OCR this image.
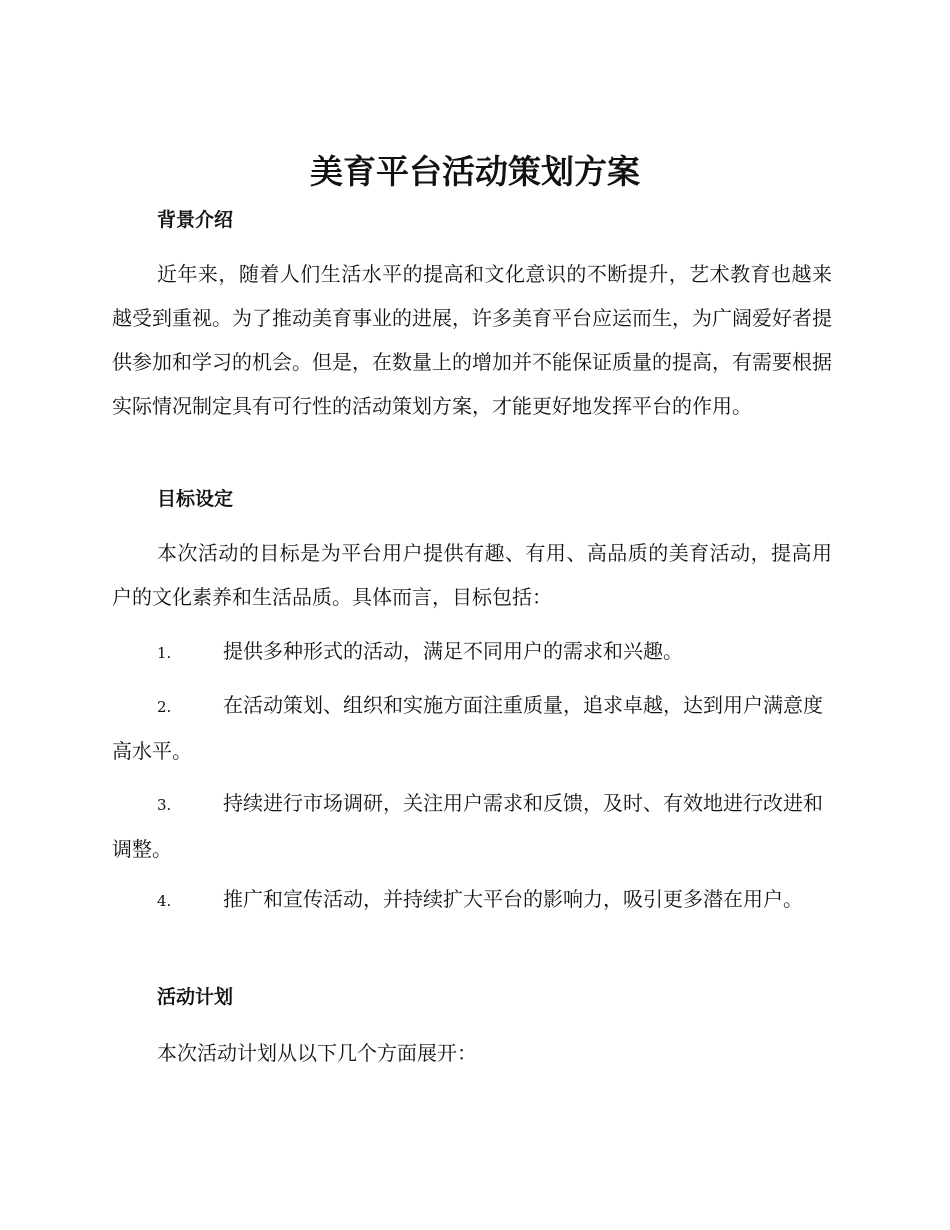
美育平台活动策划方案
背景介绍

近年来，随着人们生活水平的提高和文化意识的不断提升，艺术教育也越来越受到重视。为了推动美育事业的进展，许多美育平台应运而生，为广阔爱好者提供参加和学习的机会。但是，在数量上的增加并不能保证质量的提高，有需要根据实际情况制定具有可行性的活动策划方案，才能更好地发挥平台的作用。

目标设定

本次活动的目标是为平台用户提供有趣、有用、高品质的美育活动，提高用户的文化素养和生活品质。具体而言，目标包括：

1.	提供多种形式的活动，满足不同用户的需求和兴趣。

2.	在活动策划、组织和实施方面注重质量，追求卓越，达到用户满意度高水平。

3.	持续进行市场调研，关注用户需求和反馈，及时、有效地进行改进和调整。

4.	推广和宣传活动，并持续扩大平台的影响力，吸引更多潜在用户。

活动计划

本次活动计划从以下几个方面展开：
